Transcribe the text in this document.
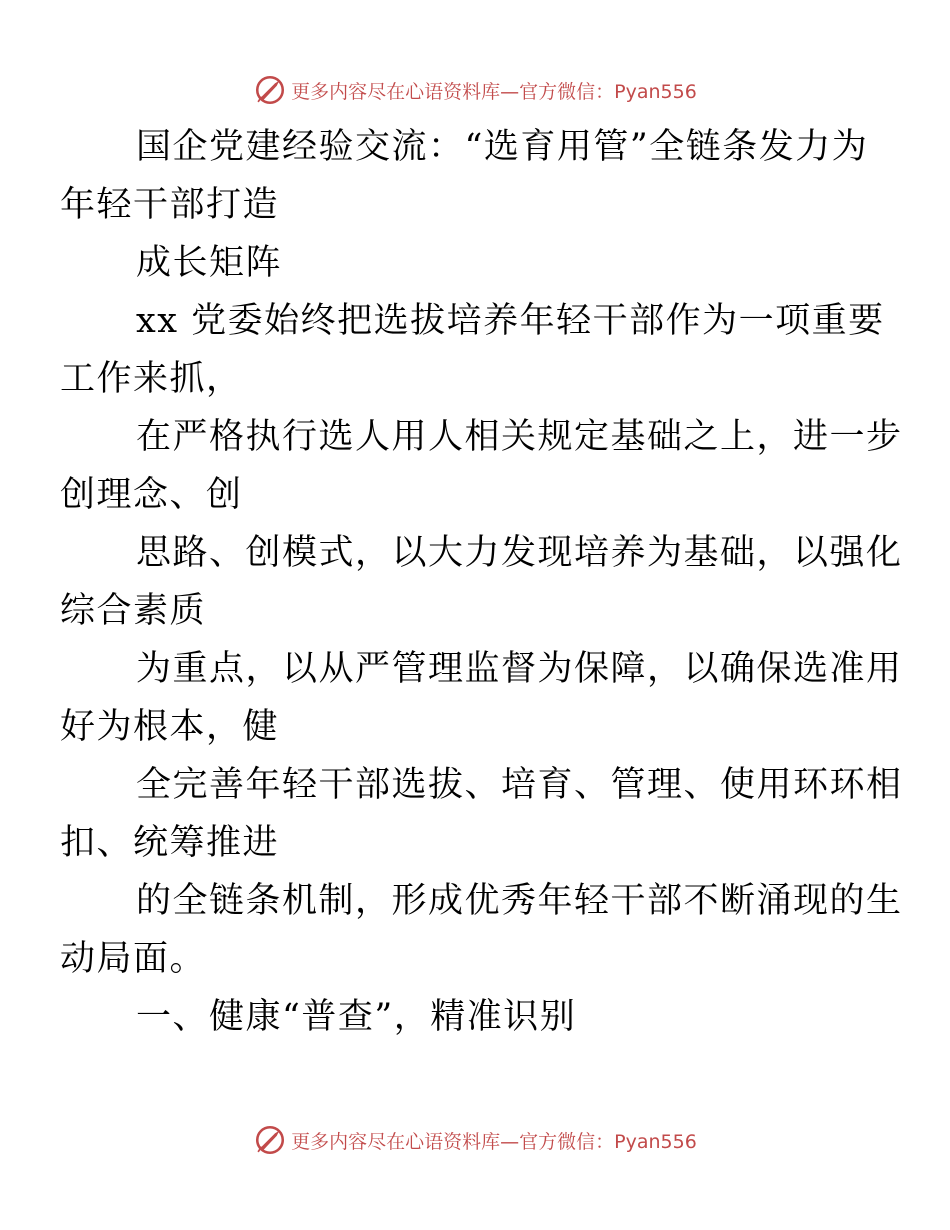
更多内容尽在心语资料库—官方微信：Pyan556

国企党建经验交流：“选育用管”全链条发力为
年轻干部打造

成长矩阵

xx 党委始终把选拔培养年轻干部作为一项重要
工作来抓，

在严格执行选人用人相关规定基础之上，进一步
创理念、创

思路、创模式，以大力发现培养为基础，以强化
综合素质

为重点，以从严管理监督为保障，以确保选准用
好为根本，健

全完善年轻干部选拔、培育、管理、使用环环相
扣、统筹推进

的全链条机制，形成优秀年轻干部不断涌现的生
动局面。

一、健康“普查”，精准识别

更多内容尽在心语资料库—官方微信：Pyan556
